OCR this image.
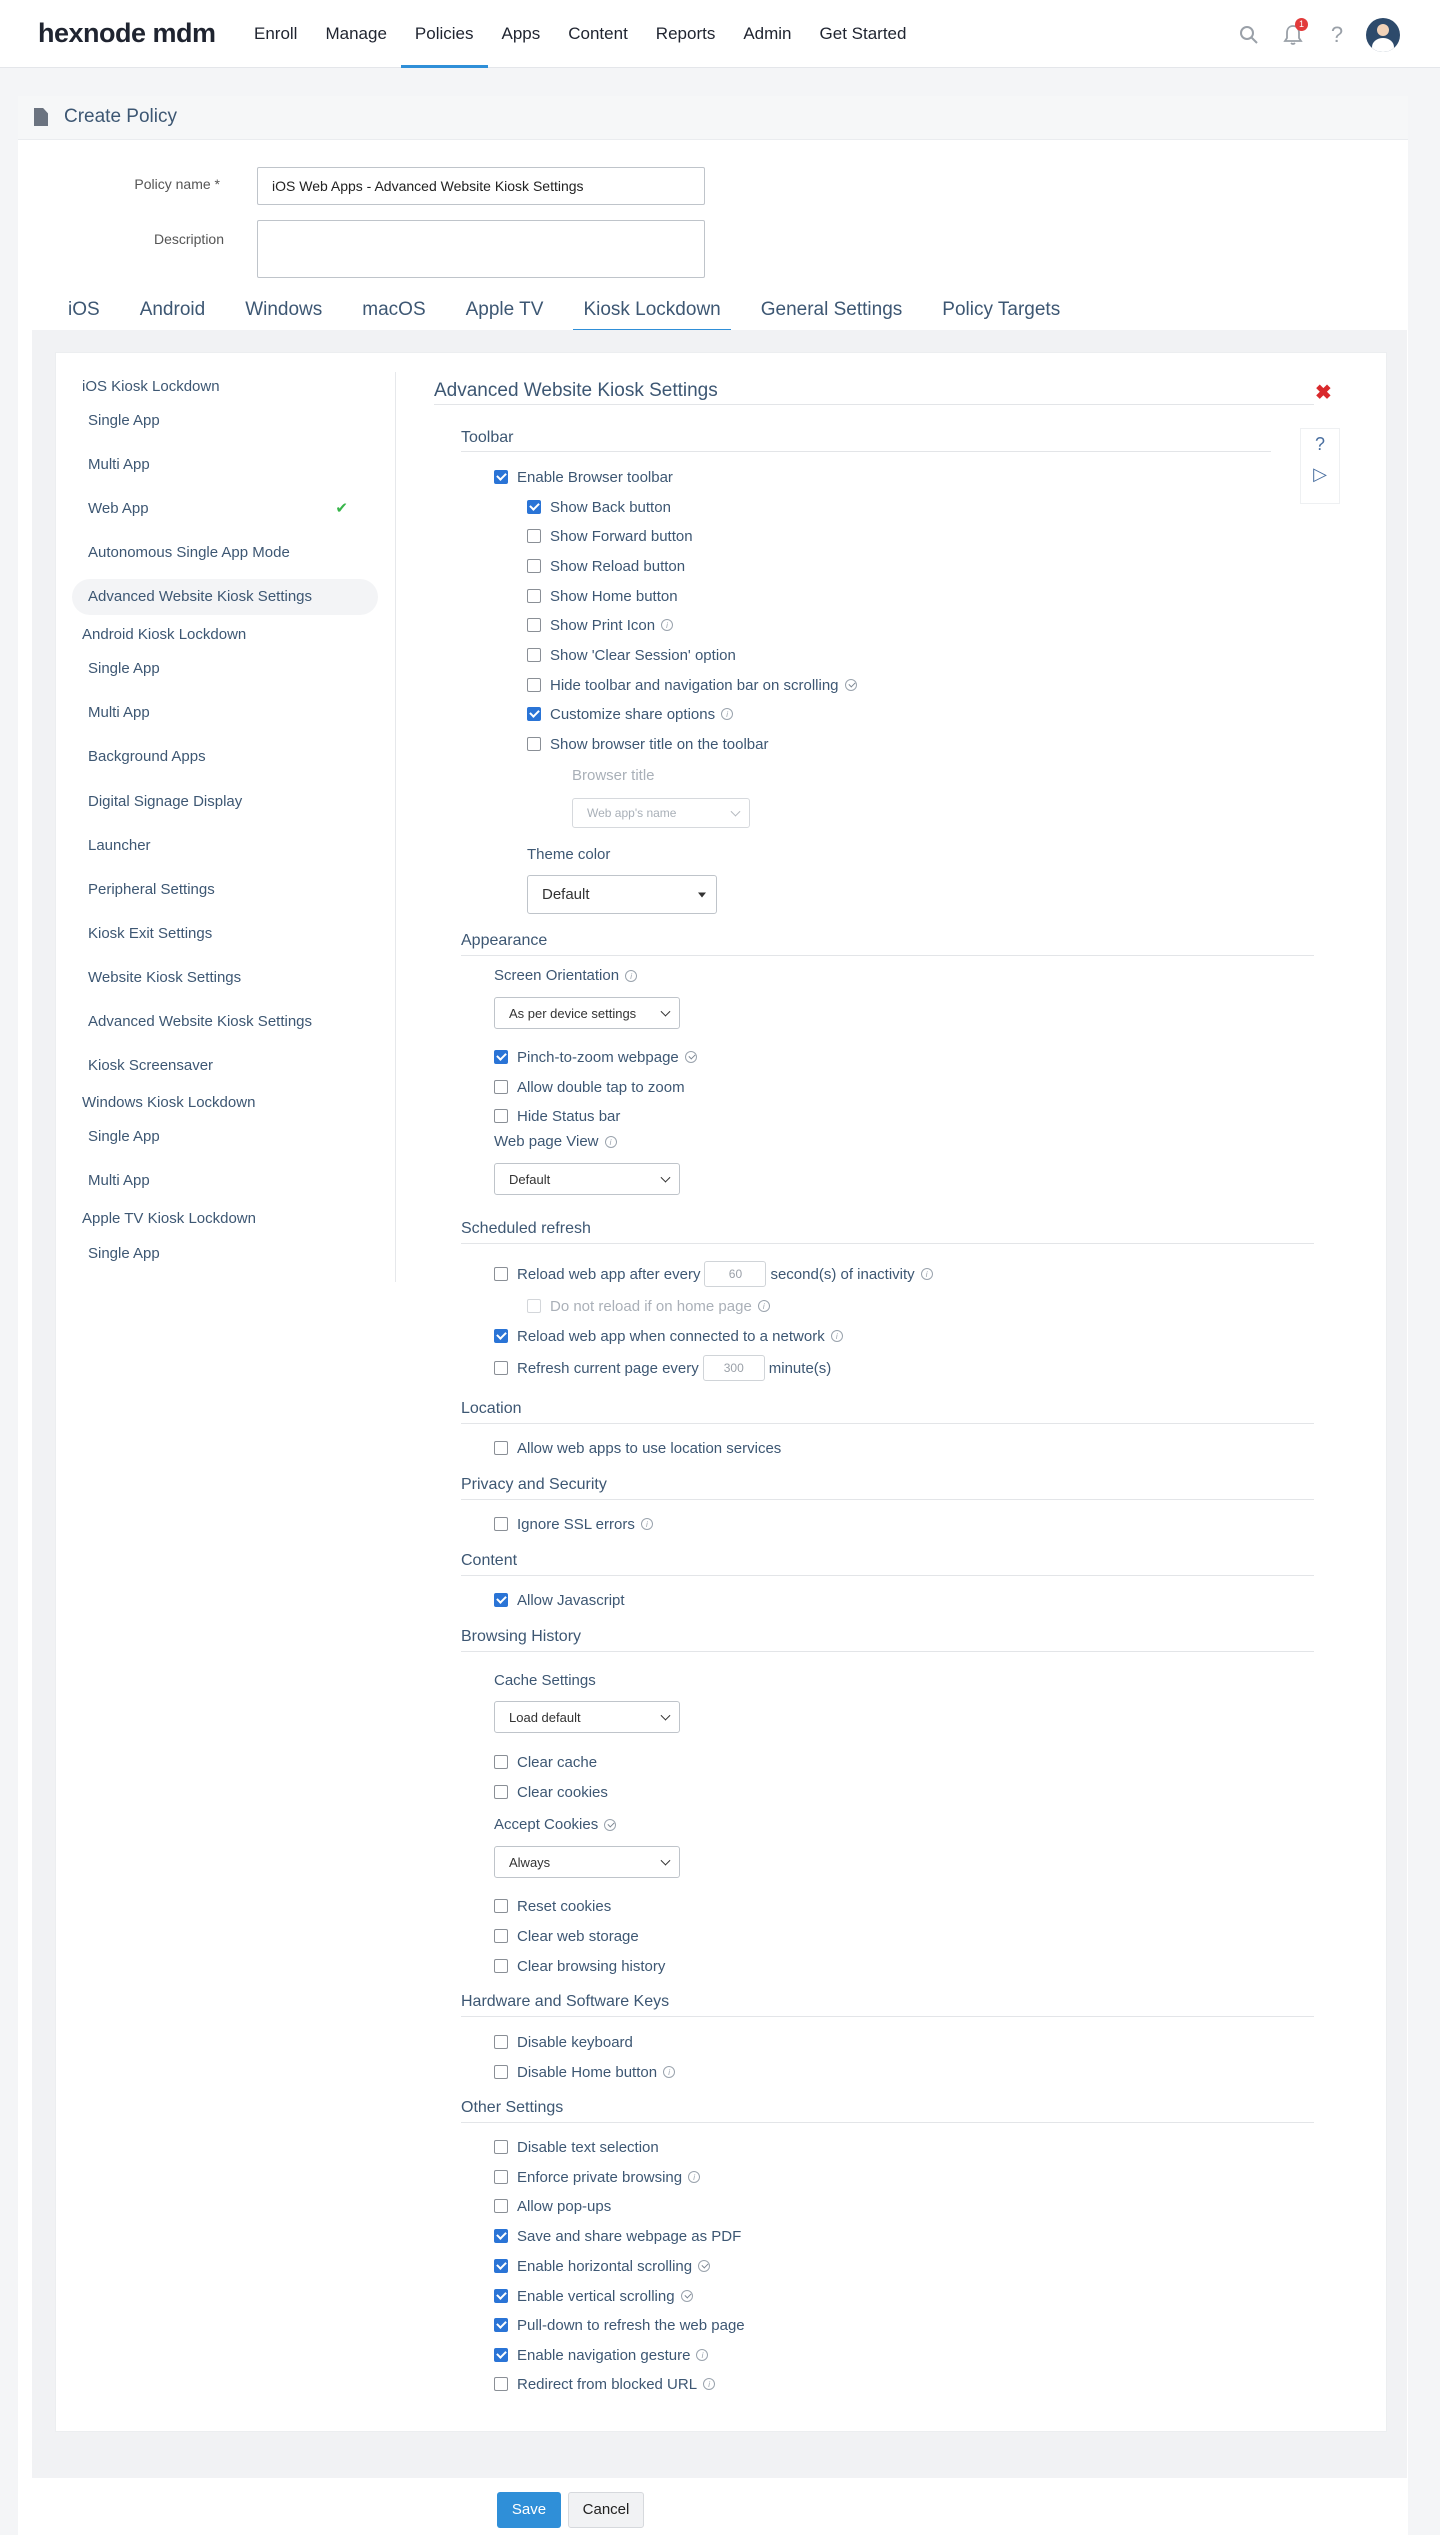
hexnode mdm	Enroll	Manage	Policies	Apps	Content	Reports	Admin	Get Started	1	?
Create Policy
Policy name *	iOS Web Apps - Advanced Website Kiosk Settings
Description
iOS	Android	Windows	macOS	Apple TV	Kiosk Lockdown	General Settings	Policy Targets
iOS Kiosk Lockdown
Single App
Multi App
Web App	✔
Autonomous Single App Mode
Advanced Website Kiosk Settings
Android Kiosk Lockdown
Single App
Multi App
Background Apps
Digital Signage Display
Launcher
Peripheral Settings
Kiosk Exit Settings
Website Kiosk Settings
Advanced Website Kiosk Settings
Kiosk Screensaver
Windows Kiosk Lockdown
Single App
Multi App
Apple TV Kiosk Lockdown
Single App
Advanced Website Kiosk Settings	✖
?
▷
Toolbar
Enable Browser toolbar
Show Back button
Show Forward button
Show Reload button
Show Home button
Show Print Icon	i
Show 'Clear Session' option
Hide toolbar and navigation bar on scrolling
Customize share options	i
Show browser title on the toolbar
Browser title
Web app's name
Theme color
Default
Appearance
Screen Orientation	i
As per device settings
Pinch-to-zoom webpage
Allow double tap to zoom
Hide Status bar
Web page View	i
Default
Scheduled refresh
Reload web app after every	60	second(s) of inactivity	i
Do not reload if on home page	i
Reload web app when connected to a network	i
Refresh current page every	300	minute(s)
Location
Allow web apps to use location services
Privacy and Security
Ignore SSL errors	i
Content
Allow Javascript
Browsing History
Cache Settings
Load default
Clear cache
Clear cookies
Accept Cookies
Always
Reset cookies
Clear web storage
Clear browsing history
Hardware and Software Keys
Disable keyboard
Disable Home button	i
Other Settings
Disable text selection
Enforce private browsing	i
Allow pop-ups
Save and share webpage as PDF
Enable horizontal scrolling
Enable vertical scrolling
Pull-down to refresh the web page
Enable navigation gesture	i
Redirect from blocked URL	i
Save	Cancel
